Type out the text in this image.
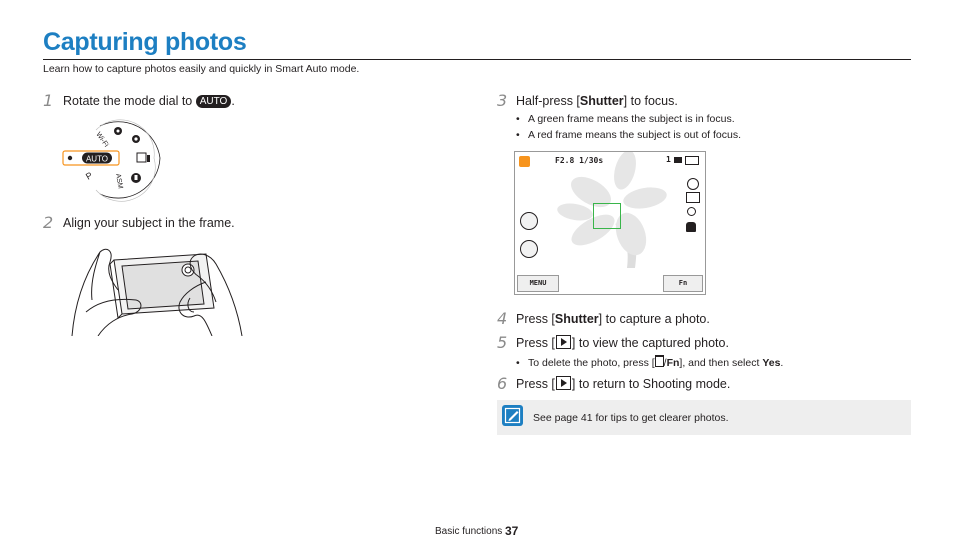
Capturing photos
Learn how to capture photos easily and quickly in Smart Auto mode.
1 Rotate the mode dial to AUTO .
AUTO
Wi-Fi
ASM
P
2 Align your subject in the frame.
3 Half-press [Shutter] to focus.
• A green frame means the subject is in focus.
• A red frame means the subject is out of focus.
F2.8 1/30s	1
MENU	Fn
4 Press [Shutter] to capture a photo.
5 Press [ ] to view the captured photo.
• To delete the photo, press [ /Fn], and then select Yes.
6 Press [ ] to return to Shooting mode.
See page 41 for tips to get clearer photos.
Basic functions 37
